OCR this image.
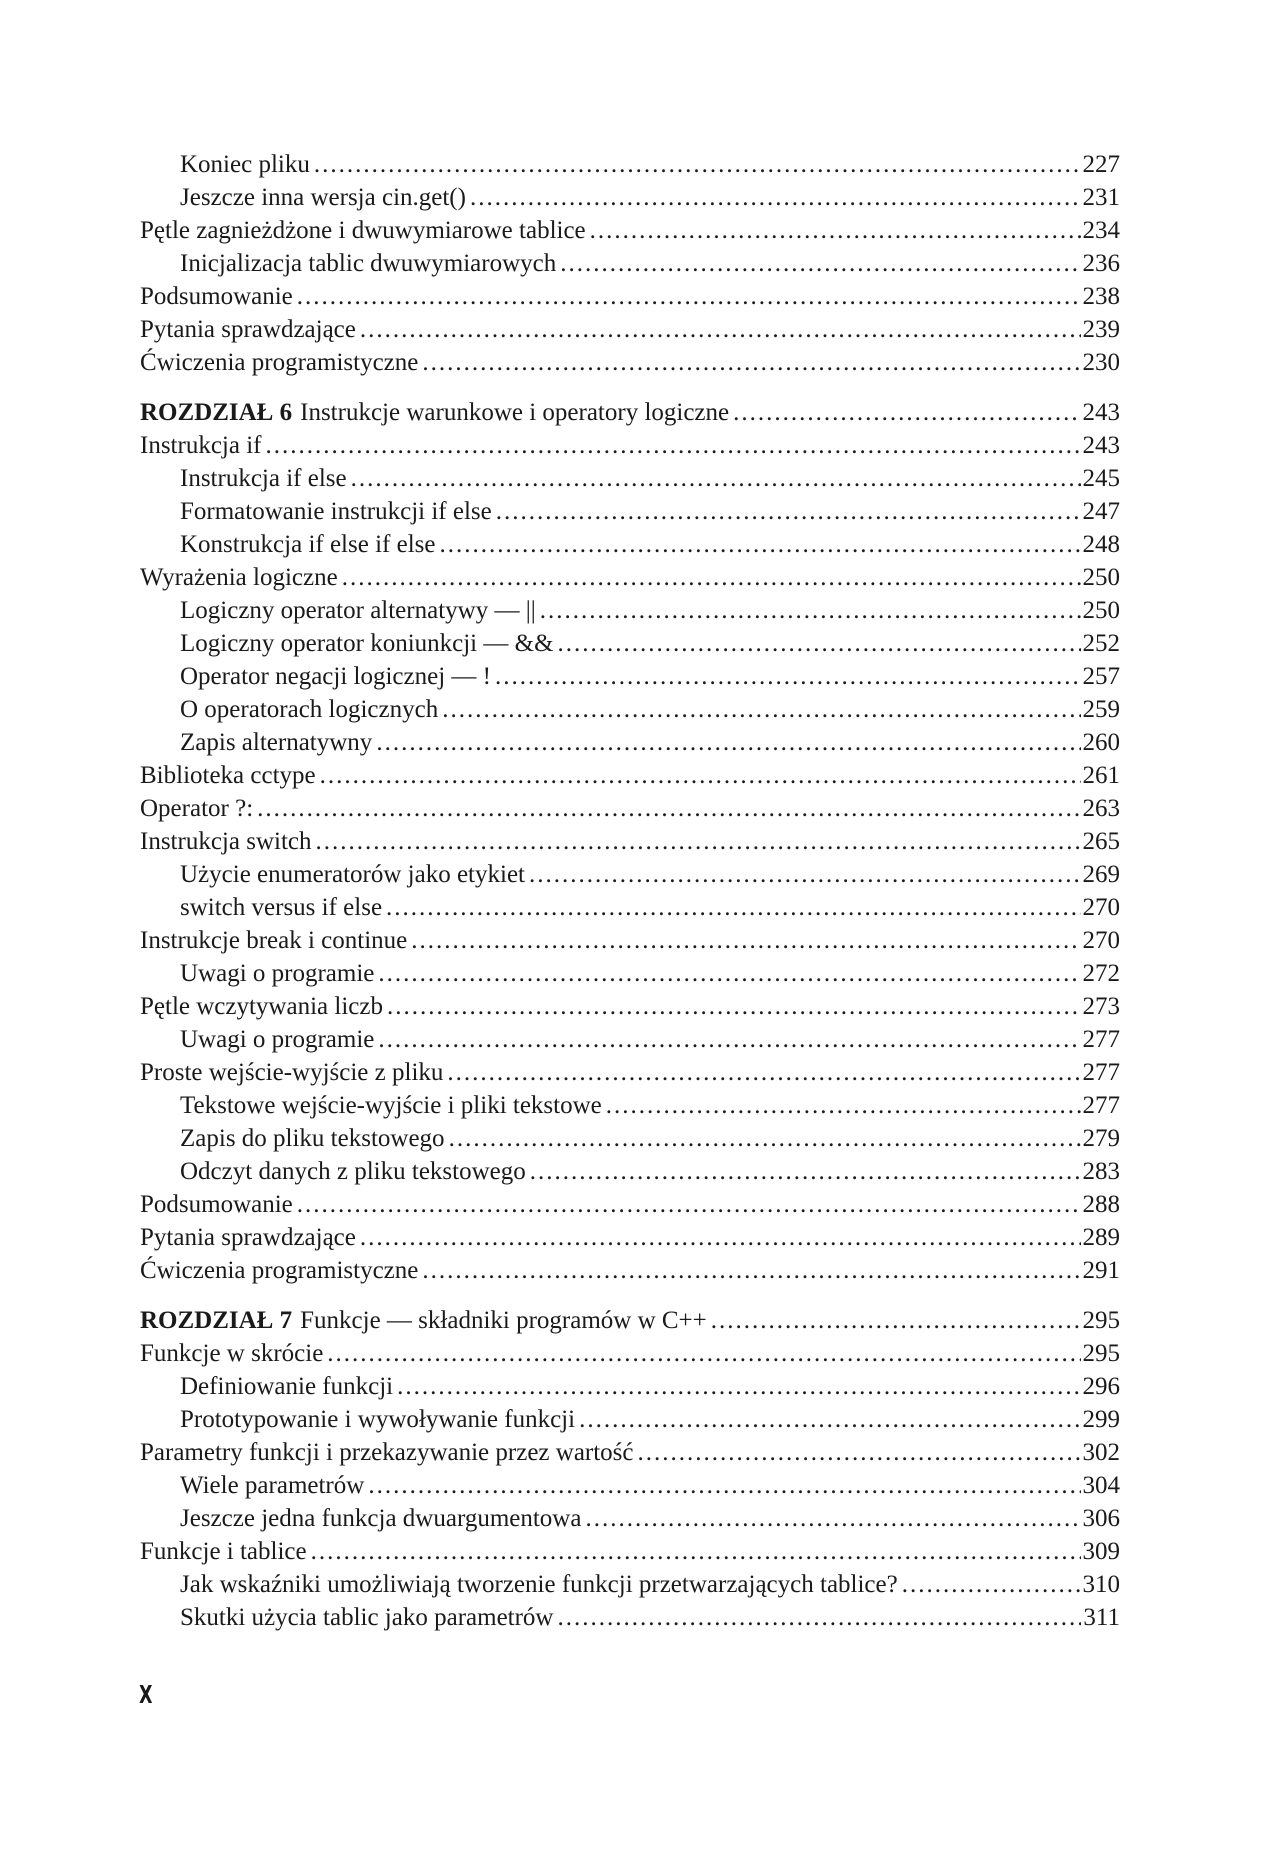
Koniec pliku .....	227
Jeszcze inna wersja cin.get() .....	231
Pętle zagnieżdżone i dwuwymiarowe tablice .....	234
Inicjalizacja tablic dwuwymiarowych .....	236
Podsumowanie .....	238
Pytania sprawdzające .....	239
Ćwiczenia programistyczne .....	230
ROZDZIAŁ 6 Instrukcje warunkowe i operatory logiczne .....	243
Instrukcja if .....	243
Instrukcja if else .....	245
Formatowanie instrukcji if else .....	247
Konstrukcja if else if else .....	248
Wyrażenia logiczne .....	250
Logiczny operator alternatywy — || .....	250
Logiczny operator koniunkcji — && .....	252
Operator negacji logicznej — ! .....	257
O operatorach logicznych .....	259
Zapis alternatywny .....	260
Biblioteka cctype .....	261
Operator ?: .....	263
Instrukcja switch .....	265
Użycie enumeratorów jako etykiet .....	269
switch versus if else .....	270
Instrukcje break i continue .....	270
Uwagi o programie .....	272
Pętle wczytywania liczb .....	273
Uwagi o programie .....	277
Proste wejście-wyjście z pliku .....	277
Tekstowe wejście-wyjście i pliki tekstowe .....	277
Zapis do pliku tekstowego .....	279
Odczyt danych z pliku tekstowego .....	283
Podsumowanie .....	288
Pytania sprawdzające .....	289
Ćwiczenia programistyczne .....	291
ROZDZIAŁ 7 Funkcje — składniki programów w C++ .....	295
Funkcje w skrócie .....	295
Definiowanie funkcji .....	296
Prototypowanie i wywoływanie funkcji .....	299
Parametry funkcji i przekazywanie przez wartość .....	302
Wiele parametrów .....	304
Jeszcze jedna funkcja dwuargumentowa .....	306
Funkcje i tablice .....	309
Jak wskaźniki umożliwiają tworzenie funkcji przetwarzających tablice? .....	310
Skutki użycia tablic jako parametrów .....	311
X
